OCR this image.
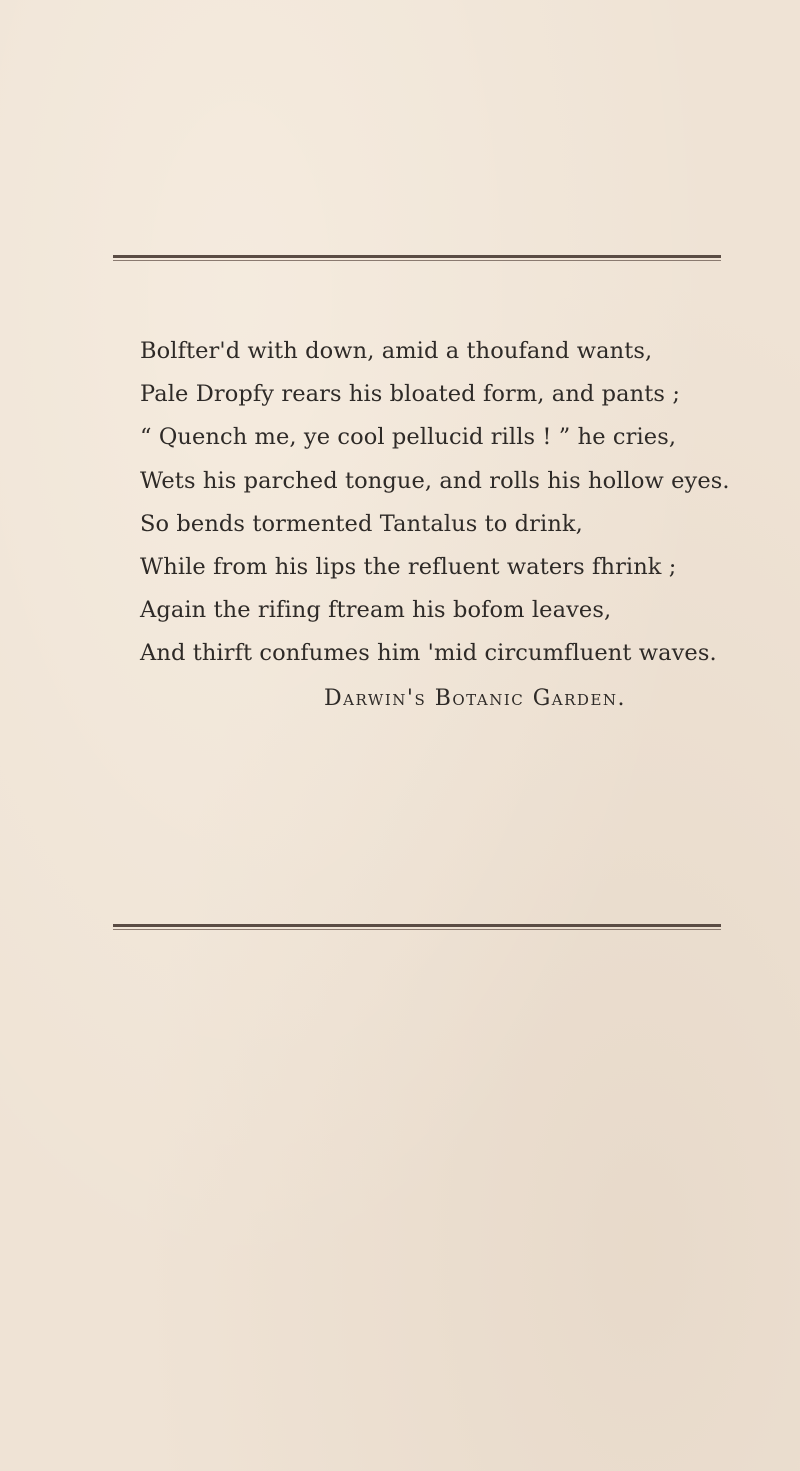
Bolfter'd with down, amid a thoufand wants,
Pale Dropfy rears his bloated form, and pants ;
“ Quench me, ye cool pellucid rills ! ” he cries,
Wets his parched tongue, and rolls his hollow eyes.
So bends tormented Tantalus to drink,
While from his lips the refluent waters fhrink ;
Again the rifing ftream his bofom leaves,
And thirft confumes him 'mid circumfluent waves.
Darwin's Botanic Garden.
